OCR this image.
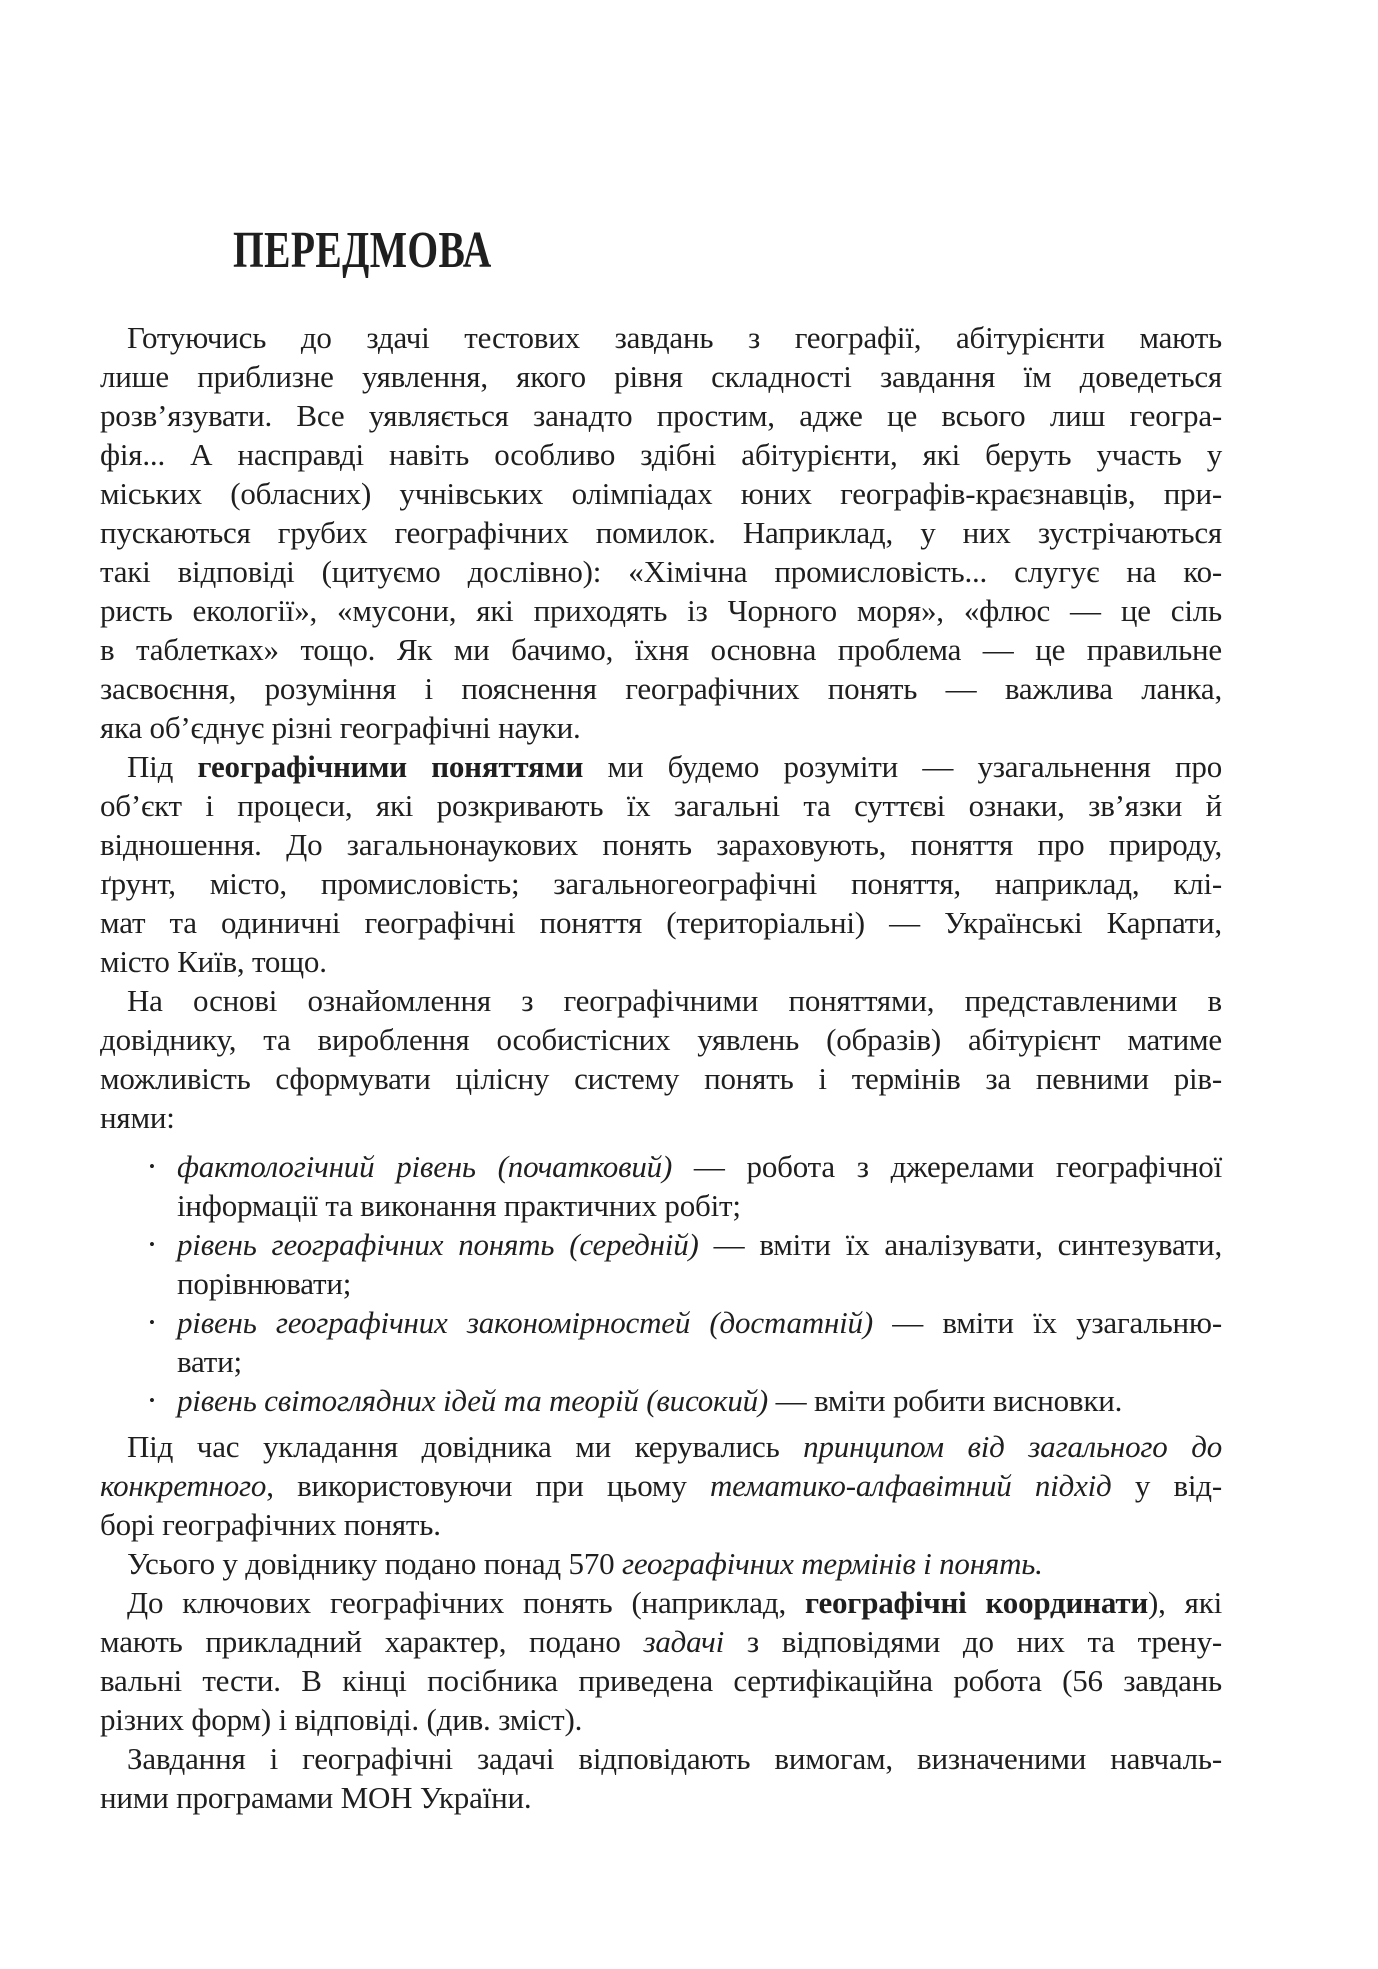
ПЕРЕДМОВА
Готуючись до здачі тестових завдань з географії, абітурієнти мають
лише приблизне уявлення, якого рівня складності завдання їм доведеться
розв’язувати. Все уявляється занадто простим, адже це всього лиш геогра-
фія... А насправді навіть особливо здібні абітурієнти, які беруть участь у
міських (обласних) учнівських олімпіадах юних географів-краєзнавців, при-
пускаються грубих географічних помилок. Наприклад, у них зустрічаються
такі відповіді (цитуємо дослівно): «Хімічна промисловість... слугує на ко-
ристь екології», «мусони, які приходять із Чорного моря», «флюс — це сіль
в таблетках» тощо. Як ми бачимо, їхня основна проблема — це правильне
засвоєння, розуміння і пояснення географічних понять — важлива ланка,
яка об’єднує різні географічні науки.
Під географічними поняттями ми будемо розуміти — узагальнення про
об’єкт і процеси, які розкривають їх загальні та суттєві ознаки, зв’язки й
відношення. До загальнонаукових понять зараховують, поняття про природу,
ґрунт, місто, промисловість; загальногеографічні поняття, наприклад, клі-
мат та одиничні географічні поняття (територіальні) — Українські Карпати,
місто Київ, тощо.
На основі ознайомлення з географічними поняттями, представленими в
довіднику, та вироблення особистісних уявлень (образів) абітурієнт матиме
можливість сформувати цілісну систему понять і термінів за певними рів-
нями:
• фактологічний рівень (початковий) — робота з джерелами географічної
інформації та виконання практичних робіт;
• рівень географічних понять (середній) — вміти їх аналізувати, синтезувати,
порівнювати;
• рівень географічних закономірностей (достатній) — вміти їх узагальню-
вати;
• рівень світоглядних ідей та теорій (високий) — вміти робити висновки.
Під час укладання довідника ми керувались принципом від загального до
конкретного, використовуючи при цьому тематико-алфавітний підхід у від-
борі географічних понять.
Усього у довіднику подано понад 570 географічних термінів і понять.
До ключових географічних понять (наприклад, географічні координати), які
мають прикладний характер, подано задачі з відповідями до них та трену-
вальні тести. В кінці посібника приведена сертифікаційна робота (56 завдань
різних форм) і відповіді. (див. зміст).
Завдання і географічні задачі відповідають вимогам, визначеними навчаль-
ними програмами МОН України.
